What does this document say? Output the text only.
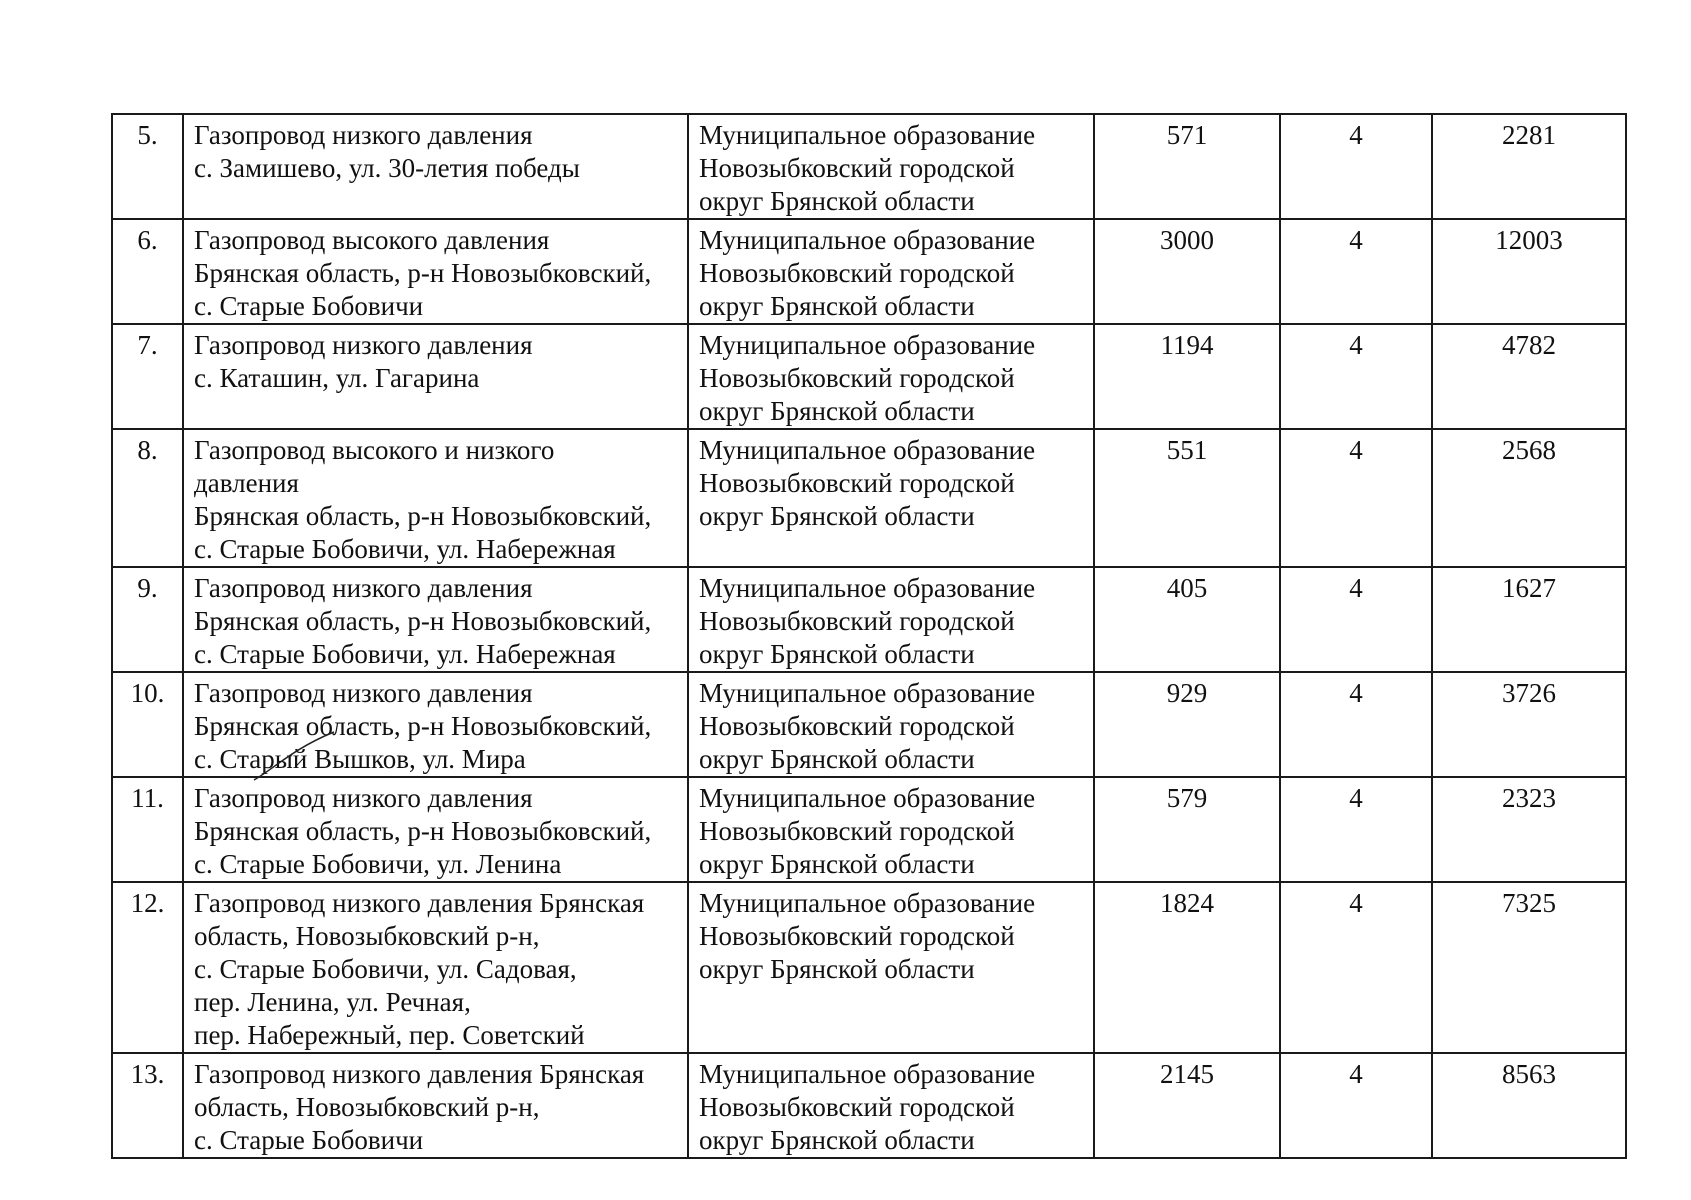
5.	Газопровод низкого давления
с. Замишево, ул. 30-летия победы	Муниципальное образование
Новозыбковский городской
округ Брянской области	571	4	2281
6.	Газопровод высокого давления
Брянская область, р-н Новозыбковский,
с. Старые Бобовичи	Муниципальное образование
Новозыбковский городской
округ Брянской области	3000	4	12003
7.	Газопровод низкого давления
с. Каташин, ул. Гагарина	Муниципальное образование
Новозыбковский городской
округ Брянской области	1194	4	4782
8.	Газопровод высокого и низкого
давления
Брянская область, р-н Новозыбковский,
с. Старые Бобовичи, ул. Набережная	Муниципальное образование
Новозыбковский городской
округ Брянской области	551	4	2568
9.	Газопровод низкого давления
Брянская область, р-н Новозыбковский,
с. Старые Бобовичи, ул. Набережная	Муниципальное образование
Новозыбковский городской
округ Брянской области	405	4	1627
10.	Газопровод низкого давления
Брянская область, р-н Новозыбковский,
с. Старый Вышков, ул. Мира	Муниципальное образование
Новозыбковский городской
округ Брянской области	929	4	3726
11.	Газопровод низкого давления
Брянская область, р-н Новозыбковский,
с. Старые Бобовичи, ул. Ленина	Муниципальное образование
Новозыбковский городской
округ Брянской области	579	4	2323
12.	Газопровод низкого давления Брянская
область, Новозыбковский р-н,
с. Старые Бобовичи, ул. Садовая,
пер. Ленина, ул. Речная,
пер. Набережный, пер. Советский	Муниципальное образование
Новозыбковский городской
округ Брянской области	1824	4	7325
13.	Газопровод низкого давления Брянская
область, Новозыбковский р-н,
с. Старые Бобовичи	Муниципальное образование
Новозыбковский городской
округ Брянской области	2145	4	8563
